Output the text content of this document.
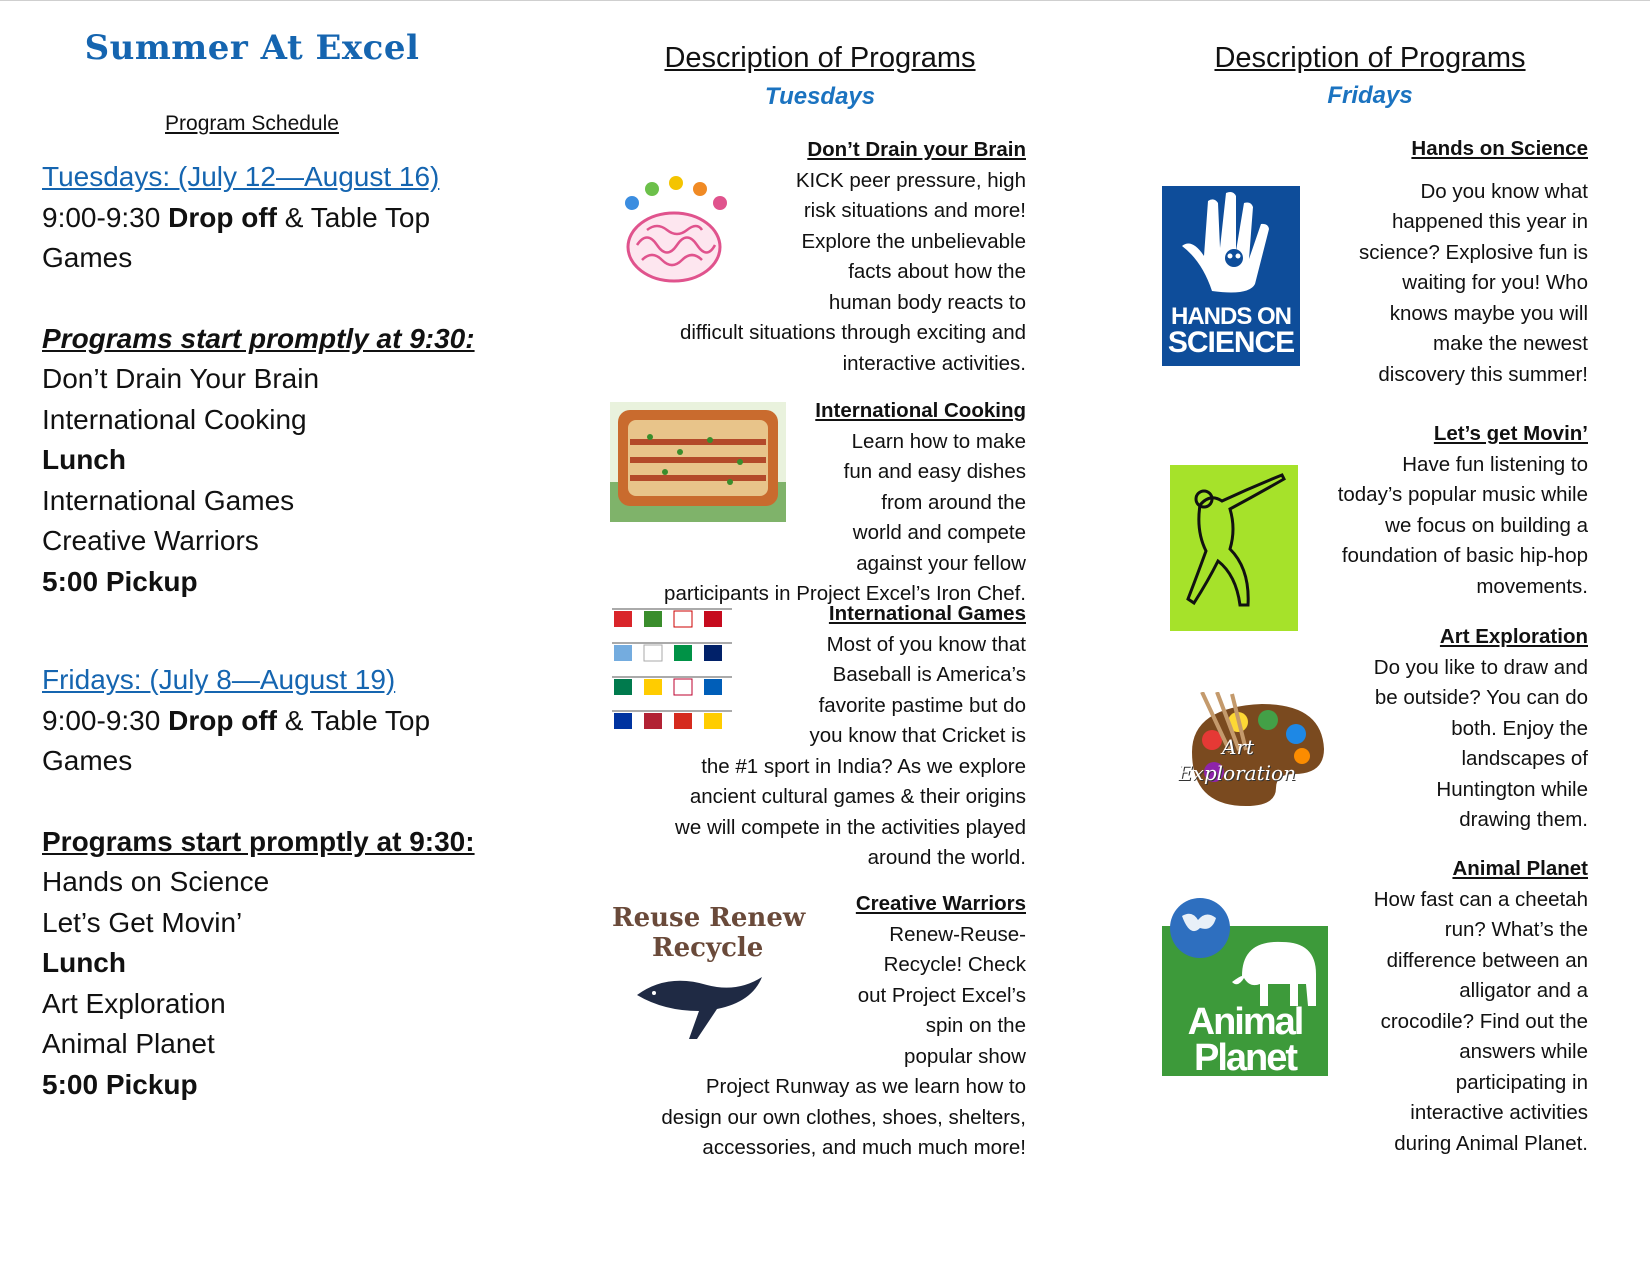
Summer At Excel
Program Schedule
Tuesdays: (July 12—August 16)
9:00-9:30 Drop off & Table Top
Games
Programs start promptly at 9:30:
Don’t Drain Your Brain
International Cooking
Lunch
International Games
Creative Warriors
5:00 Pickup
Fridays: (July 8—August 19)
9:00-9:30 Drop off & Table Top
Games
Programs start promptly at 9:30:
Hands on Science
Let’s Get Movin’
Lunch
Art Exploration
Animal Planet
5:00 Pickup
Description of Programs
Tuesdays
Don’t Drain your Brain
KICK peer pressure, high
risk situations and more!
Explore the unbelievable
facts about how the
human body reacts to
difficult situations through exciting and
interactive activities.
International Cooking
Learn how to make
fun and easy dishes
from around the
world and compete against your fellow
participants in Project Excel’s Iron Chef.
International Games
Most of you know that
Baseball is America’s
favorite pastime but do
you know that Cricket is
the #1 sport in India? As we explore
ancient cultural games & their origins
we will compete in the activities played
around the world.
Reuse Renew
Recycle
Creative Warriors
Renew-Reuse-
Recycle! Check
out Project Excel’s
spin on the
popular show
Project Runway as we learn how to
design our own clothes, shoes, shelters,
accessories, and much much more!
Description of Programs
Fridays
HANDS ON
SCIENCE
Hands on Science
Do you know what
happened this year in
science? Explosive fun is
waiting for you! Who
knows maybe you will
make the newest
discovery this summer!
Let’s get Movin’
Have fun listening to
today’s popular music while
we focus on building a
foundation of basic hip-hop
movements.
Art
Exploration
Art Exploration
Do you like to draw and
be outside? You can do
both. Enjoy the
landscapes of
Huntington while
drawing them.
Animal
Planet
Animal Planet
How fast can a cheetah
run? What’s the
difference between an
alligator and a
crocodile? Find out the
answers while
participating in
interactive activities
during Animal Planet.
